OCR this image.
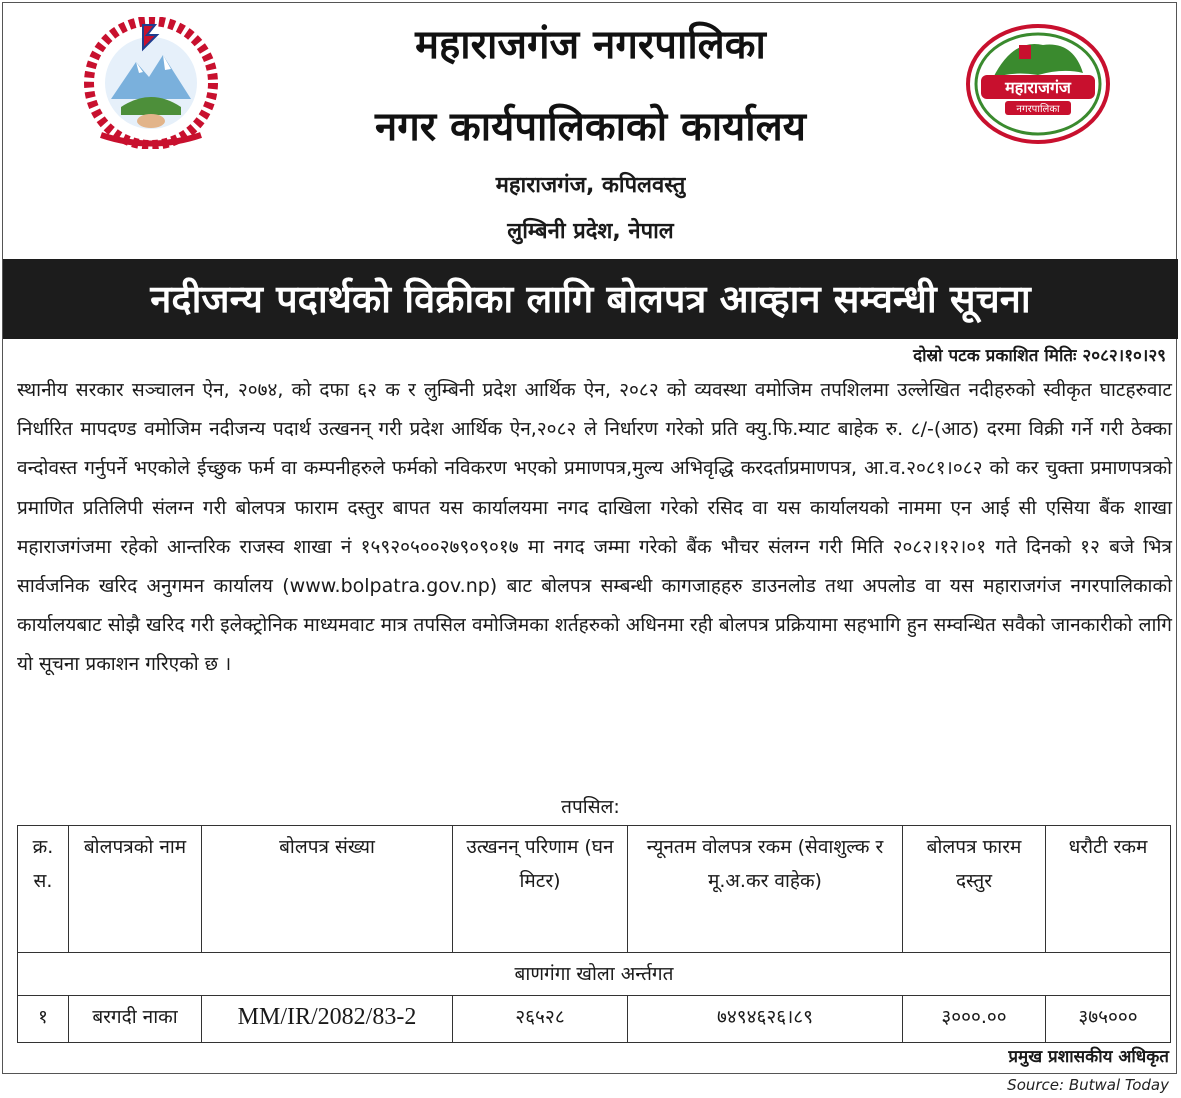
महाराजगंज नगरपालिका
नगर कार्यपालिकाको कार्यालय
महाराजगंज, कपिलवस्तु
लुम्बिनी प्रदेश, नेपाल
महाराजगंज
नगरपालिका
नदीजन्य पदार्थको विक्रीका लागि बोलपत्र आव्हान सम्वन्धी सूचना
दोस्रो पटक प्रकाशित मितिः २०८२।१०।२९
स्थानीय सरकार सञ्चालन ऐन, २०७४, को दफा ६२ क र लुम्बिनी प्रदेश आर्थिक ऐन, २०८२ को व्यवस्था वमोजिम तपशिलमा उल्लेखित नदीहरुको स्वीकृत घाटहरुवाट निर्धारित मापदण्ड वमोजिम नदीजन्य पदार्थ उत्खनन् गरी प्रदेश आर्थिक ऐन,२०८२ ले निर्धारण गरेको प्रति क्यु.फि.म्याट बाहेक रु. ८/-(आठ) दरमा विक्री गर्ने गरी ठेक्का वन्दोवस्त गर्नुपर्ने भएकोले ईच्छुक फर्म वा कम्पनीहरुले फर्मको नविकरण भएको प्रमाणपत्र,मुल्य अभिवृद्धि करदर्ताप्रमाणपत्र, आ.व.२०८१।०८२ को कर चुक्ता प्रमाणपत्रको प्रमाणित प्रतिलिपी संलग्न गरी बोलपत्र फाराम दस्तुर बापत यस कार्यालयमा नगद दाखिला गरेको रसिद वा यस कार्यालयको नाममा एन आई सी एसिया बैंक शाखा महाराजगंजमा रहेको आन्तरिक राजस्व शाखा नं १५९२०५००२७९०९०१७ मा नगद जम्मा गरेको बैंक भौचर संलग्न गरी मिति २०८२।१२।०१ गते दिनको १२ बजे भित्र सार्वजनिक खरिद अनुगमन कार्यालय (www.bolpatra.gov.np) बाट बोलपत्र सम्बन्धी कागजाहहरु डाउनलोड तथा अपलोड वा यस महाराजगंज नगरपालिकाको कार्यालयबाट सोझै खरिद गरी इलेक्ट्रोनिक माध्यमवाट मात्र तपसिल वमोजिमका शर्तहरुको अधिनमा रही बोलपत्र प्रक्रियामा सहभागि हुन सम्वन्धित सवैको जानकारीको लागि यो सूचना प्रकाशन गरिएको छ ।
तपसिल:
क्र. स.	बोलपत्रको नाम	बोलपत्र संख्या	उत्खनन् परिणाम (घन मिटर)	न्यूनतम वोलपत्र रकम (सेवाशुल्क र मू.अ.कर वाहेक)	बोलपत्र फारम दस्तुर	धरौटी रकम
बाणगंगा खोला अर्न्तगत						
१	बरगदी नाका	MM/IR/2082/83-2	२६५२८	७४९४६२६।८९	३०००.००	३७५०००
प्रमुख प्रशासकीय अधिकृत
Source: Butwal Today
